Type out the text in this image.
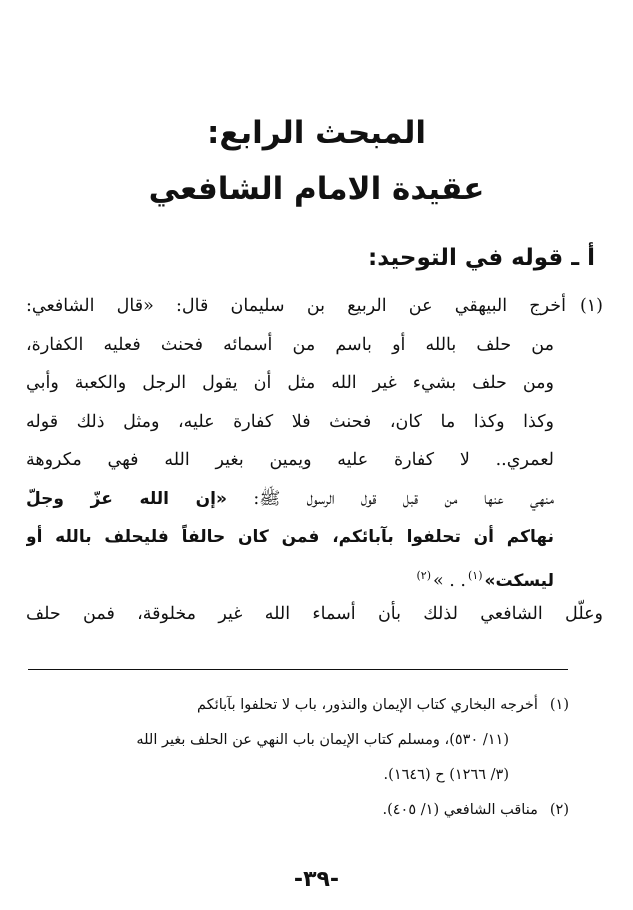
المبحث الرابع:
عقيدة الامام الشافعي
أ ـ قوله في التوحيد:
(١)أخرج البيهقي عن الربيع بن سليمان قال: «قال الشافعي:
من حلف بالله أو باسم من أسمائه فحنث فعليه الكفارة،
ومن حلف بشيء غير الله مثل أن يقول الرجل والكعبة وأبي
وكذا وكذا ما كان، فحنث فلا كفارة عليه، ومثل ذلك قوله
لعمري.. لا كفارة عليه ويمين بغير الله فهي مكروهة
منهي عنها من قبل قول الرسول ﷺ: «إن الله عزّ وجلّ
نهاكم أن تحلفوا بآبائكم، فمن كان حالفاً فليحلف بالله أو
ليسكت»$^{(١)}$. . »$^{(٢)}$
وعلّل الشافعي لذلك بأن أسماء الله غير مخلوقة، فمن حلف
(١)أخرجه البخاري كتاب الإيمان والنذور، باب لا تحلفوا بآبائكم
(١١/ ٥٣٠)، ومسلم كتاب الإيمان باب النهي عن الحلف بغير الله
(٣/ ١٢٦٦) ح (١٦٤٦).
(٢)مناقب الشافعي (١/ ٤٠٥).
-٣٩-
